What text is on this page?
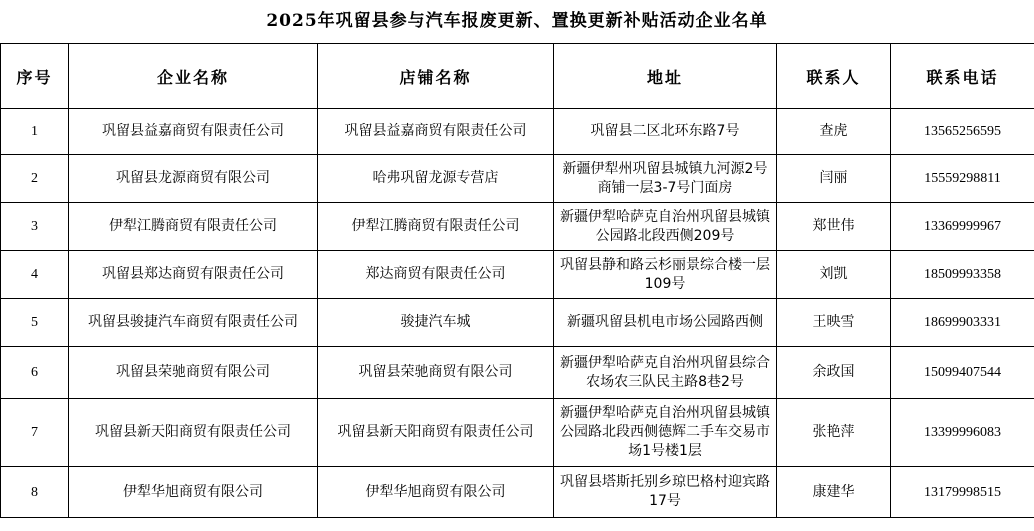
2025年巩留县参与汽车报废更新、置换更新补贴活动企业名单
序号	企业名称	店铺名称	地址	联系人	联系电话
1	巩留县益嘉商贸有限责任公司	巩留县益嘉商贸有限责任公司	巩留县二区北环东路7号	查虎	13565256595
2	巩留县龙源商贸有限公司	哈弗巩留龙源专营店	新疆伊犁州巩留县城镇九河源2号商铺一层3-7号门面房	闫丽	15559298811
3	伊犁江腾商贸有限责任公司	伊犁江腾商贸有限责任公司	新疆伊犁哈萨克自治州巩留县城镇公园路北段西侧209号	郑世伟	13369999967
4	巩留县郑达商贸有限责任公司	郑达商贸有限责任公司	巩留县静和路云杉丽景综合楼一层109号	刘凯	18509993358
5	巩留县骏捷汽车商贸有限责任公司	骏捷汽车城	新疆巩留县机电市场公园路西侧	王映雪	18699903331
6	巩留县荣驰商贸有限公司	巩留县荣驰商贸有限公司	新疆伊犁哈萨克自治州巩留县综合农场农三队民主路8巷2号	余政国	15099407544
7	巩留县新天阳商贸有限责任公司	巩留县新天阳商贸有限责任公司	新疆伊犁哈萨克自治州巩留县城镇公园路北段西侧德辉二手车交易市场1号楼1层	张艳萍	13399996083
8	伊犁华旭商贸有限公司	伊犁华旭商贸有限公司	巩留县塔斯托别乡琼巴格村迎宾路17号	康建华	13179998515
